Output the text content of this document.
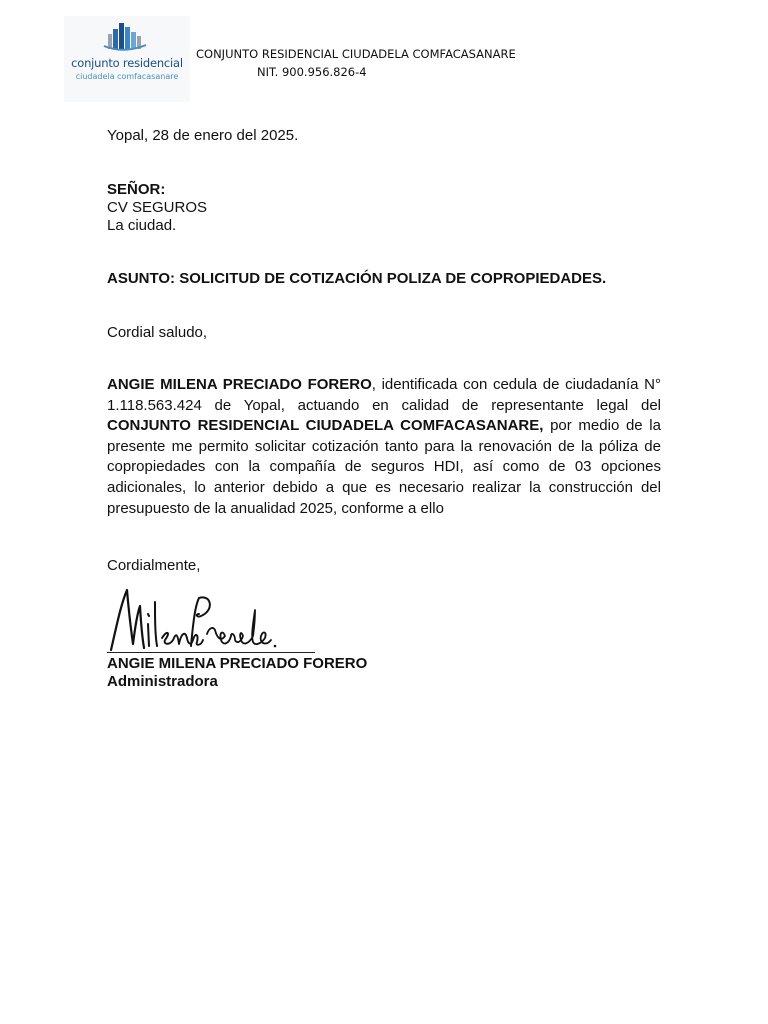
conjunto residencial
ciudadela comfacasanare
CONJUNTO RESIDENCIAL CIUDADELA COMFACASANARE
NIT. 900.956.826-4
Yopal, 28 de enero del 2025.
SEÑOR:
CV SEGUROS
La ciudad.
ASUNTO: SOLICITUD DE COTIZACIÓN POLIZA DE COPROPIEDADES.
Cordial saludo,
ANGIE MILENA PRECIADO FORERO, identificada con cedula de ciudadanía N° 1.118.563.424 de Yopal, actuando en calidad de representante legal del CONJUNTO RESIDENCIAL CIUDADELA COMFACASANARE, por medio de la presente me permito solicitar cotización tanto para la renovación de la póliza de copropiedades con la compañía de seguros HDI, así como de 03 opciones adicionales, lo anterior debido a que es necesario realizar la construcción del presupuesto de la anualidad 2025, conforme a ello
Cordialmente,
ANGIE MILENA PRECIADO FORERO
Administradora
